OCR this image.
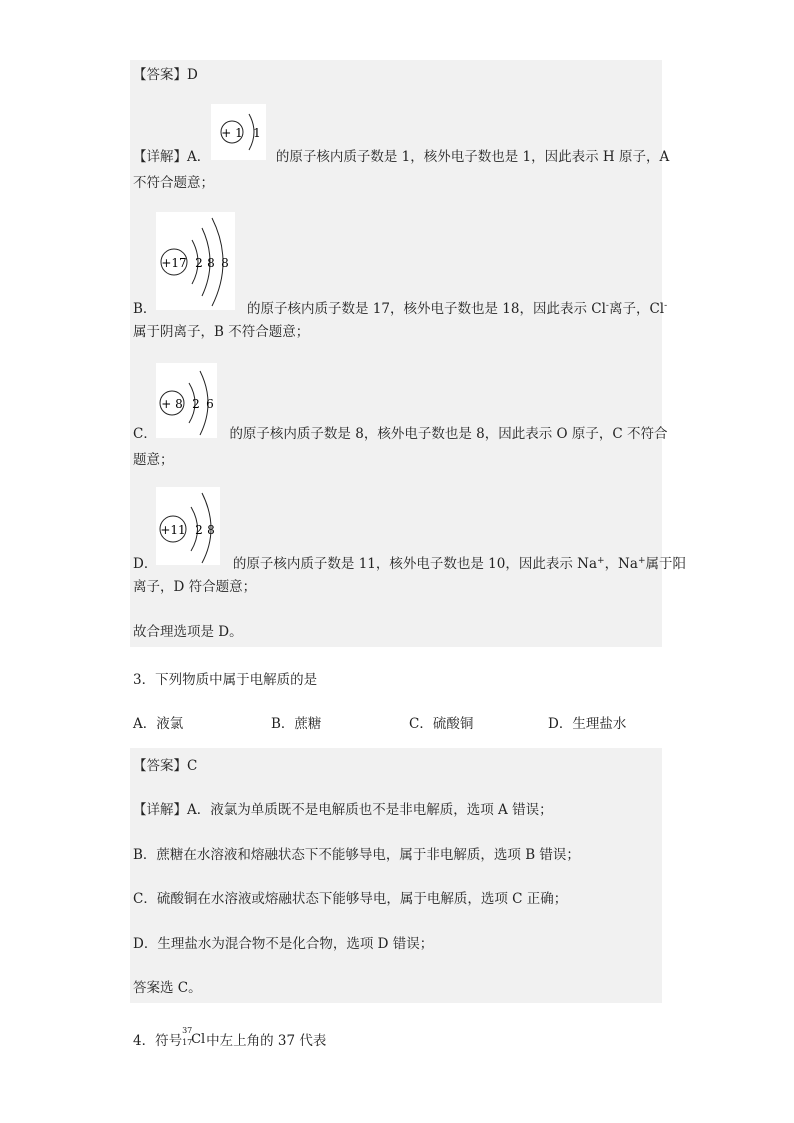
【答案】D
+ 1 1
【详解】A．	的原子核内质子数是 1，核外电子数也是 1，因此表示 H 原子，A
不符合题意；
+17 2 8 8
B．	的原子核内质子数是 17，核外电子数也是 18，因此表示 Cl-离子，Cl-
属于阴离子，B 不符合题意；
+ 8 2 6
C．	的原子核内质子数是 8，核外电子数也是 8，因此表示 O 原子，C 不符合
题意；
+11 2 8
D．	的原子核内质子数是 11，核外电子数也是 10，因此表示 Na+，Na+属于阳
离子，D 符合题意；
故合理选项是 D。
3．下列物质中属于电解质的是
A．液氯	B．蔗糖	C．硫酸铜	D．生理盐水
【答案】C
【详解】A．液氯为单质既不是电解质也不是非电解质，选项 A 错误；
B．蔗糖在水溶液和熔融状态下不能够导电，属于非电解质，选项 B 错误；
C．硫酸铜在水溶液或熔融状态下能够导电，属于电解质，选项 C 正确；
D．生理盐水为混合物不是化合物，选项 D 错误；
答案选 C。
4．符号
37
17
Cl 中左上角的 37 代表
